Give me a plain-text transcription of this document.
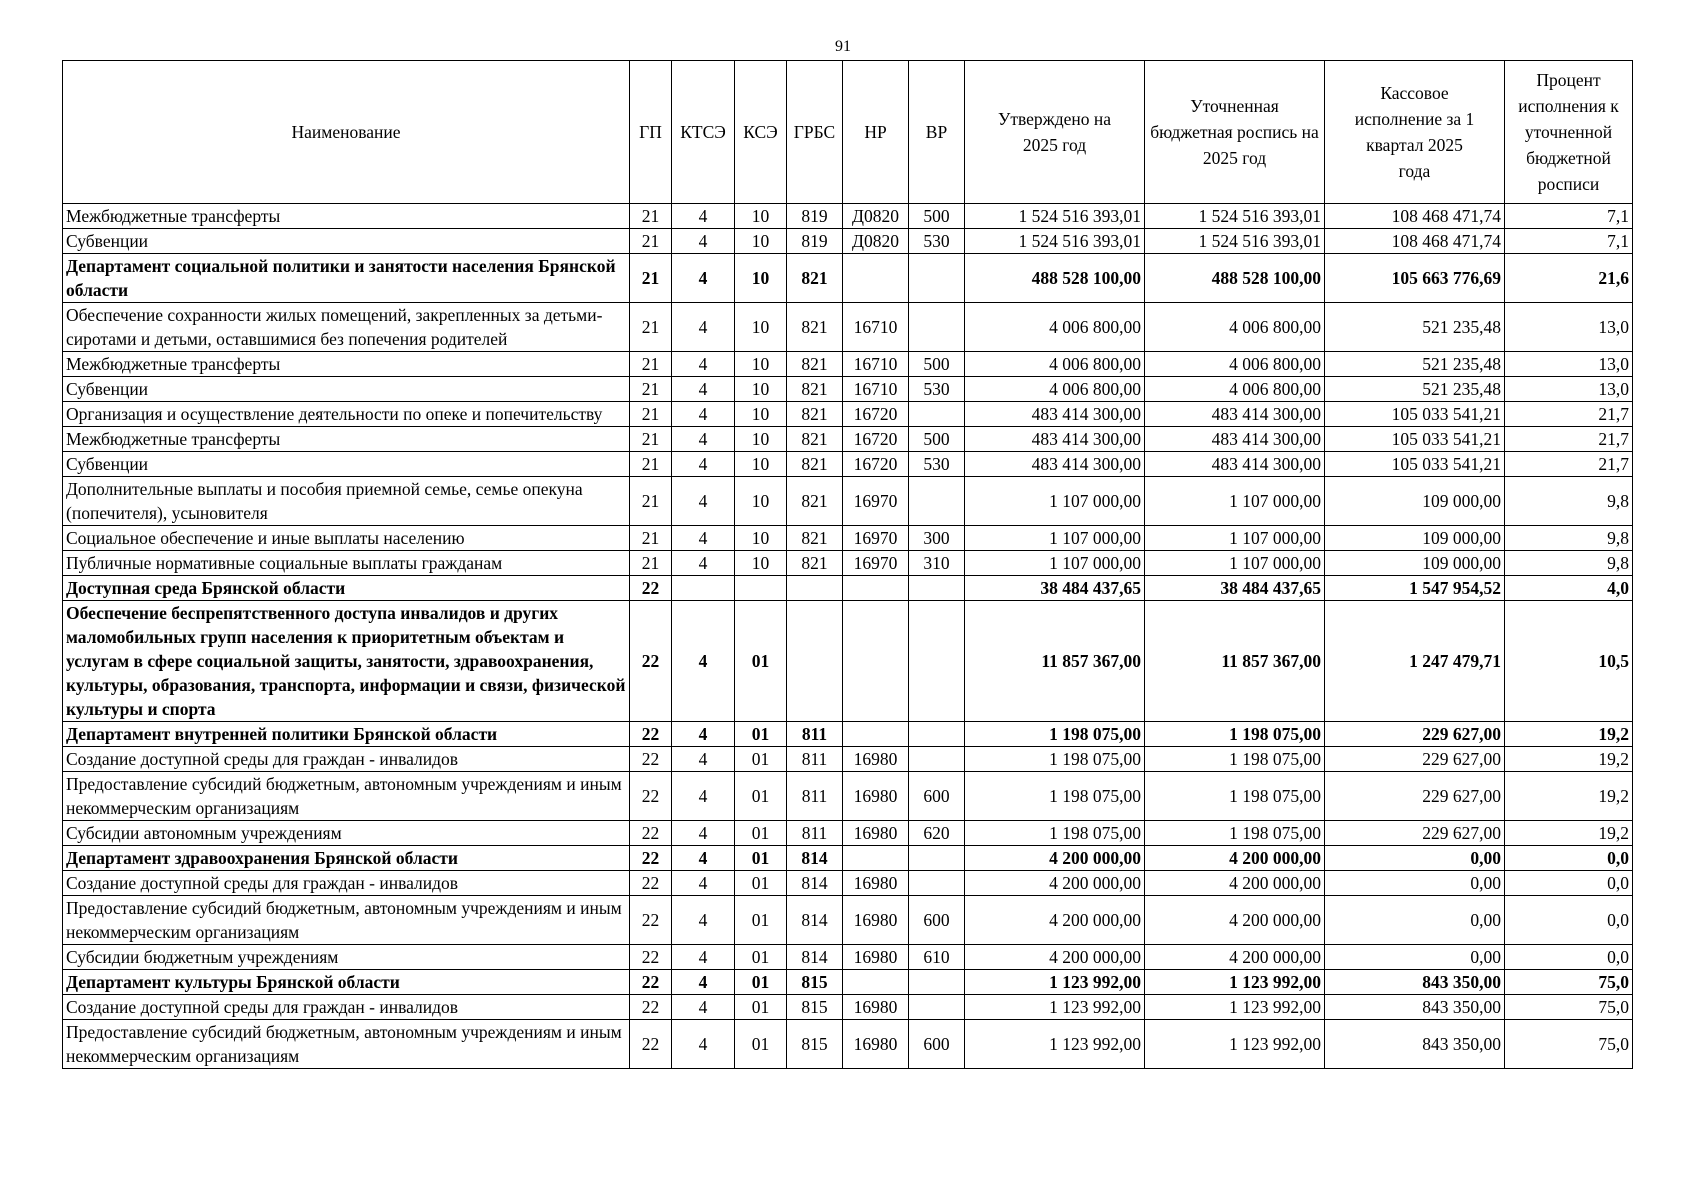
91
Наименование	ГП	КТСЭ	КСЭ	ГРБС	НР	ВР	Утверждено на 2025 год	Уточненная бюджетная роспись на 2025 год	Кассовое исполнение за 1 квартал 2025 года	Процент исполнения к уточненной бюджетной росписи
Межбюджетные трансферты	21	4	10	819	Д0820	500	1 524 516 393,01	1 524 516 393,01	108 468 471,74	7,1
Субвенции	21	4	10	819	Д0820	530	1 524 516 393,01	1 524 516 393,01	108 468 471,74	7,1
Департамент социальной политики и занятости населения Брянской области	21	4	10	821			488 528 100,00	488 528 100,00	105 663 776,69	21,6
Обеспечение сохранности жилых помещений, закрепленных за детьми-сиротами и детьми, оставшимися без попечения родителей	21	4	10	821	16710		4 006 800,00	4 006 800,00	521 235,48	13,0
Межбюджетные трансферты	21	4	10	821	16710	500	4 006 800,00	4 006 800,00	521 235,48	13,0
Субвенции	21	4	10	821	16710	530	4 006 800,00	4 006 800,00	521 235,48	13,0
Организация и осуществление деятельности по опеке и попечительству	21	4	10	821	16720		483 414 300,00	483 414 300,00	105 033 541,21	21,7
Межбюджетные трансферты	21	4	10	821	16720	500	483 414 300,00	483 414 300,00	105 033 541,21	21,7
Субвенции	21	4	10	821	16720	530	483 414 300,00	483 414 300,00	105 033 541,21	21,7
Дополнительные выплаты и пособия приемной семье, семье опекуна (попечителя), усыновителя	21	4	10	821	16970		1 107 000,00	1 107 000,00	109 000,00	9,8
Социальное обеспечение и иные выплаты населению	21	4	10	821	16970	300	1 107 000,00	1 107 000,00	109 000,00	9,8
Публичные нормативные социальные выплаты гражданам	21	4	10	821	16970	310	1 107 000,00	1 107 000,00	109 000,00	9,8
Доступная среда Брянской области	22						38 484 437,65	38 484 437,65	1 547 954,52	4,0
Обеспечение беспрепятственного доступа инвалидов и других маломобильных групп населения к приоритетным объектам и услугам в сфере социальной защиты, занятости, здравоохранения, культуры, образования, транспорта, информации и связи, физической культуры и спорта	22	4	01				11 857 367,00	11 857 367,00	1 247 479,71	10,5
Департамент внутренней политики Брянской области	22	4	01	811			1 198 075,00	1 198 075,00	229 627,00	19,2
Создание доступной среды для граждан - инвалидов	22	4	01	811	16980		1 198 075,00	1 198 075,00	229 627,00	19,2
Предоставление субсидий бюджетным, автономным учреждениям и иным некоммерческим организациям	22	4	01	811	16980	600	1 198 075,00	1 198 075,00	229 627,00	19,2
Субсидии автономным учреждениям	22	4	01	811	16980	620	1 198 075,00	1 198 075,00	229 627,00	19,2
Департамент здравоохранения Брянской области	22	4	01	814			4 200 000,00	4 200 000,00	0,00	0,0
Создание доступной среды для граждан - инвалидов	22	4	01	814	16980		4 200 000,00	4 200 000,00	0,00	0,0
Предоставление субсидий бюджетным, автономным учреждениям и иным некоммерческим организациям	22	4	01	814	16980	600	4 200 000,00	4 200 000,00	0,00	0,0
Субсидии бюджетным учреждениям	22	4	01	814	16980	610	4 200 000,00	4 200 000,00	0,00	0,0
Департамент культуры Брянской области	22	4	01	815			1 123 992,00	1 123 992,00	843 350,00	75,0
Создание доступной среды для граждан - инвалидов	22	4	01	815	16980		1 123 992,00	1 123 992,00	843 350,00	75,0
Предоставление субсидий бюджетным, автономным учреждениям и иным некоммерческим организациям	22	4	01	815	16980	600	1 123 992,00	1 123 992,00	843 350,00	75,0
